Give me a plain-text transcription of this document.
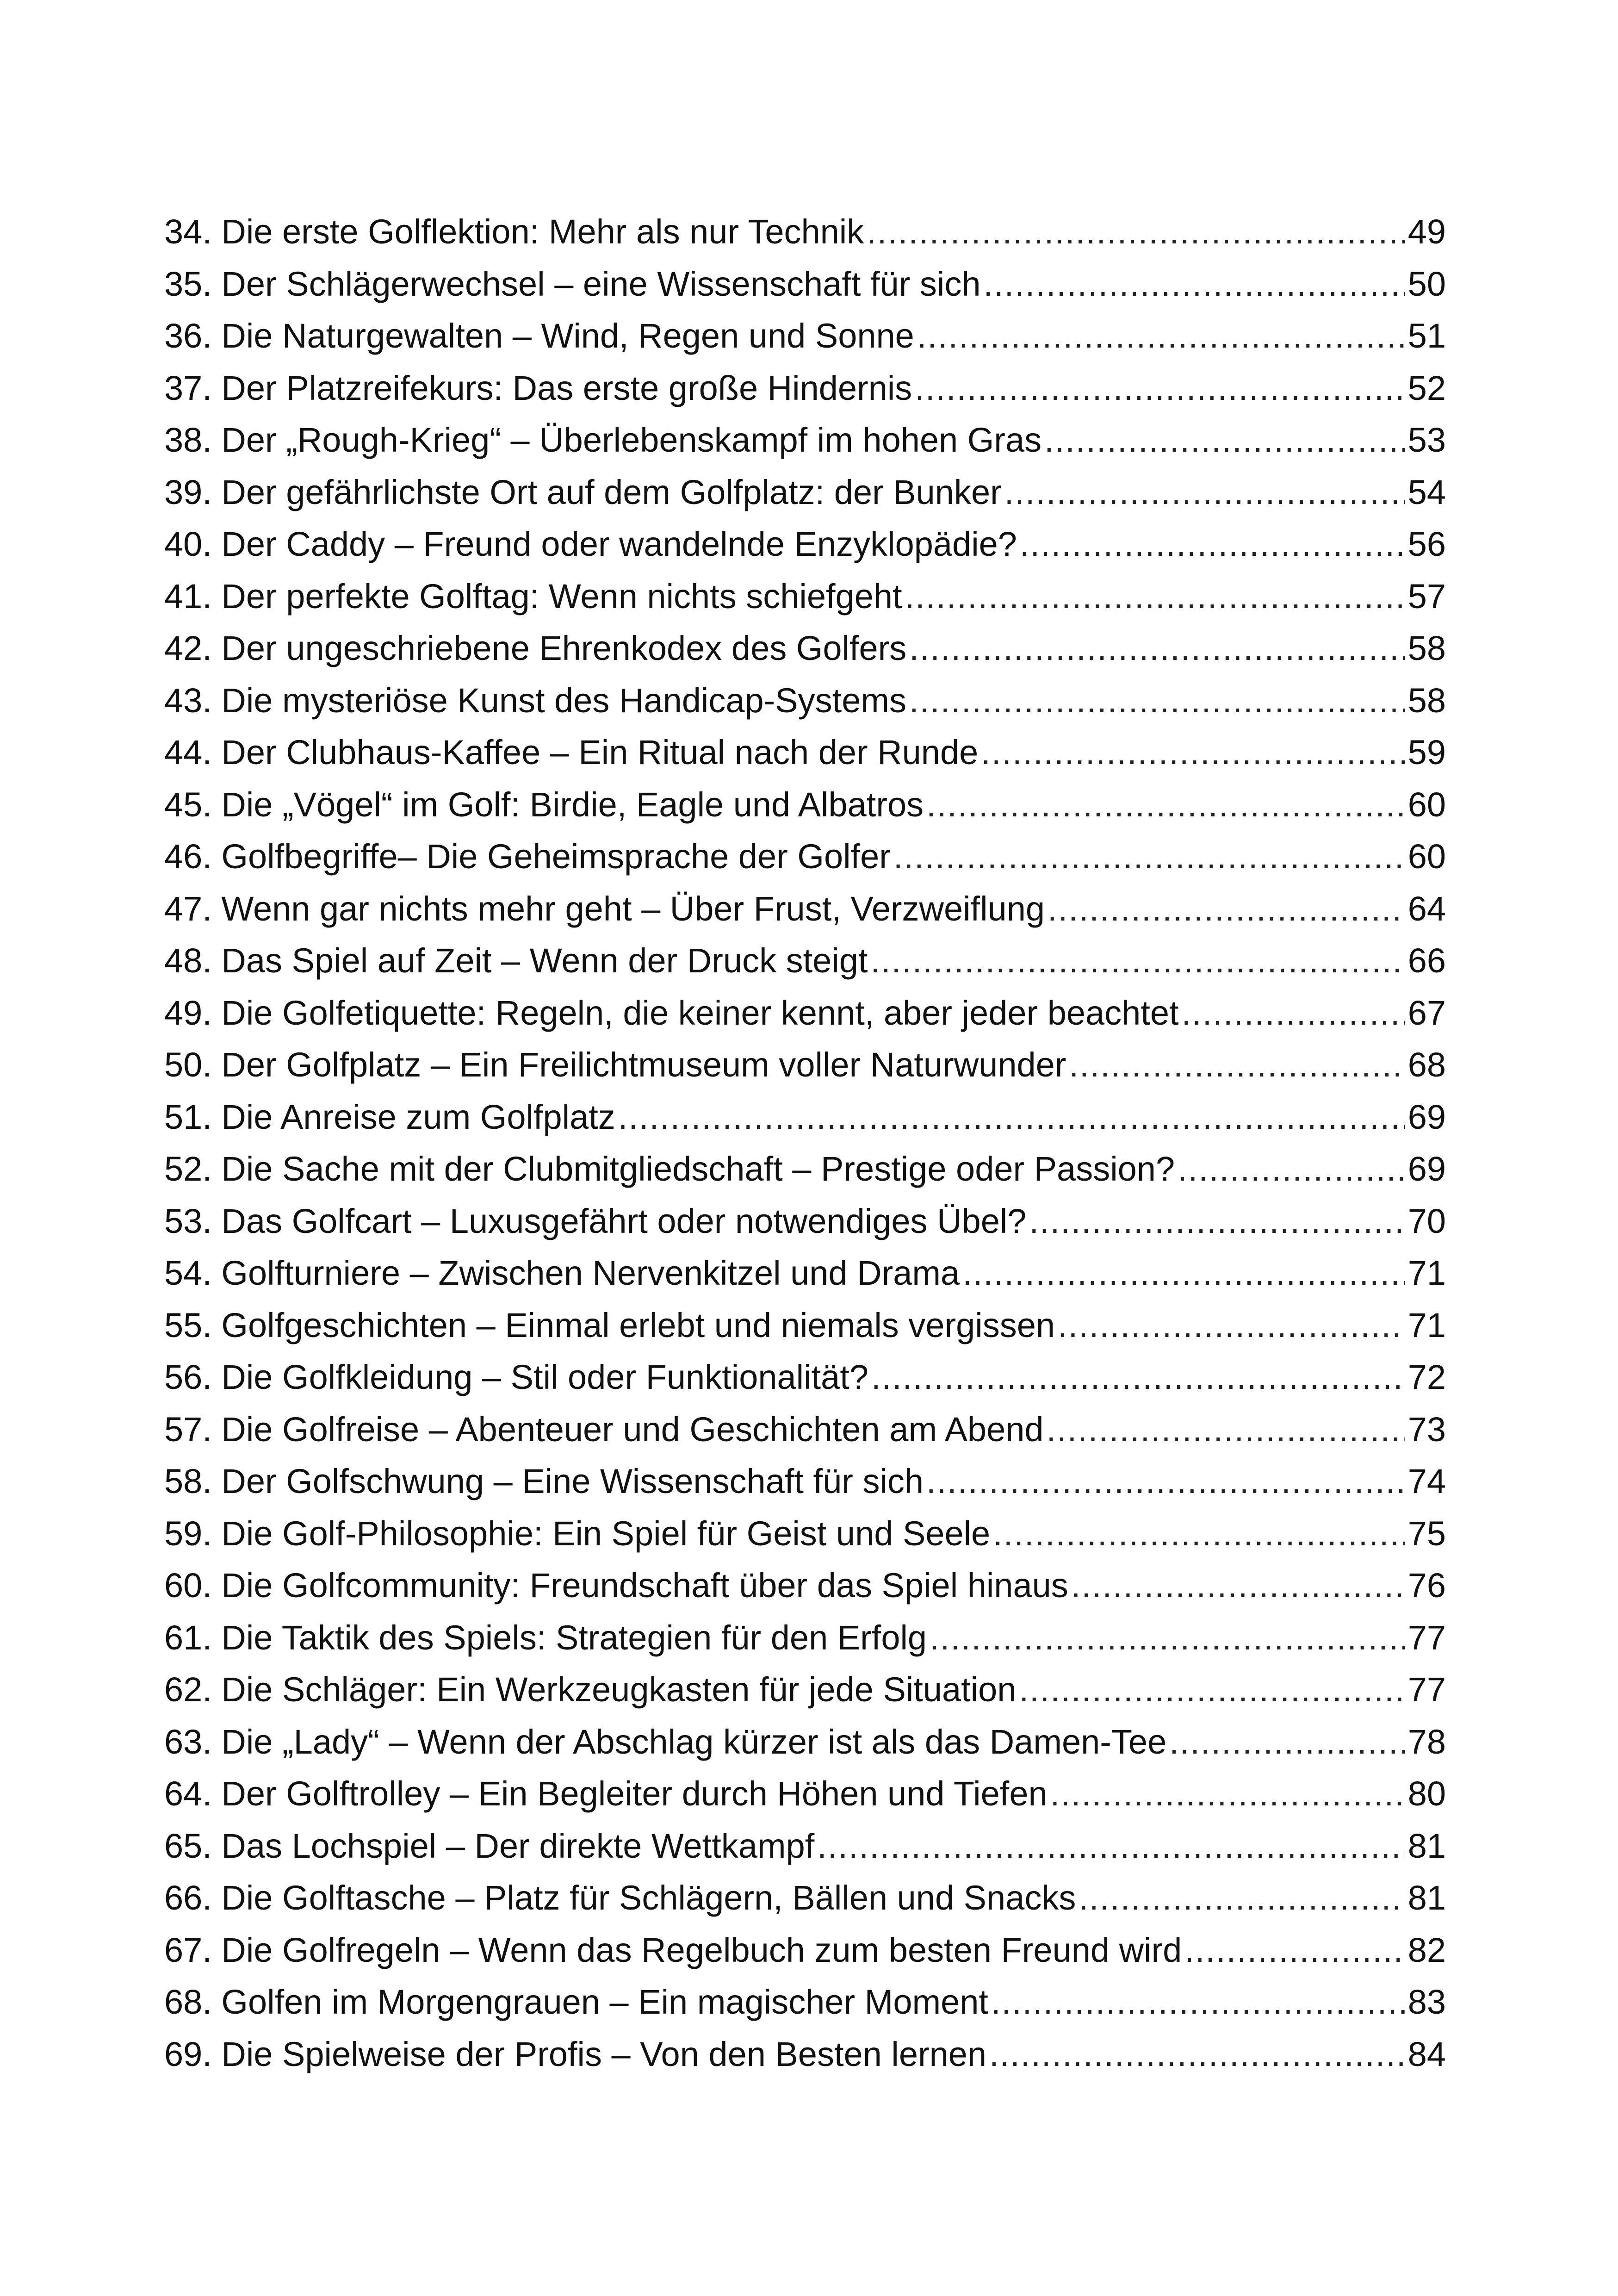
34. Die erste Golflektion: Mehr als nur Technik .....	49
35. Der Schlägerwechsel – eine Wissenschaft für sich .....	50
36. Die Naturgewalten – Wind, Regen und Sonne .....	51
37. Der Platzreifekurs: Das erste große Hindernis .....	52
38. Der „Rough-Krieg“ – Überlebenskampf im hohen Gras .....	53
39. Der gefährlichste Ort auf dem Golfplatz: der Bunker .....	54
40. Der Caddy – Freund oder wandelnde Enzyklopädie? .....	56
41. Der perfekte Golftag: Wenn nichts schiefgeht .....	57
42. Der ungeschriebene Ehrenkodex des Golfers .....	58
43. Die mysteriöse Kunst des Handicap-Systems .....	58
44. Der Clubhaus-Kaffee – Ein Ritual nach der Runde .....	59
45. Die „Vögel“ im Golf: Birdie, Eagle und Albatros .....	60
46. Golfbegriffe– Die Geheimsprache der Golfer .....	60
47. Wenn gar nichts mehr geht – Über Frust, Verzweiflung .....	64
48. Das Spiel auf Zeit – Wenn der Druck steigt .....	66
49. Die Golfetiquette: Regeln, die keiner kennt, aber jeder beachtet .....	67
50. Der Golfplatz – Ein Freilichtmuseum voller Naturwunder .....	68
51. Die Anreise zum Golfplatz .....	69
52. Die Sache mit der Clubmitgliedschaft – Prestige oder Passion? .....	69
53. Das Golfcart – Luxusgefährt oder notwendiges Übel? .....	70
54. Golfturniere – Zwischen Nervenkitzel und Drama .....	71
55. Golfgeschichten – Einmal erlebt und niemals vergissen .....	71
56. Die Golfkleidung – Stil oder Funktionalität? .....	72
57. Die Golfreise – Abenteuer und Geschichten am Abend .....	73
58. Der Golfschwung – Eine Wissenschaft für sich .....	74
59. Die Golf-Philosophie: Ein Spiel für Geist und Seele .....	75
60. Die Golfcommunity: Freundschaft über das Spiel hinaus .....	76
61. Die Taktik des Spiels: Strategien für den Erfolg .....	77
62. Die Schläger: Ein Werkzeugkasten für jede Situation .....	77
63. Die „Lady“ – Wenn der Abschlag kürzer ist als das Damen-Tee .....	78
64. Der Golftrolley – Ein Begleiter durch Höhen und Tiefen .....	80
65. Das Lochspiel – Der direkte Wettkampf .....	81
66. Die Golftasche – Platz für Schlägern, Bällen und Snacks .....	81
67. Die Golfregeln – Wenn das Regelbuch zum besten Freund wird .....	82
68. Golfen im Morgengrauen – Ein magischer Moment .....	83
69. Die Spielweise der Profis – Von den Besten lernen .....	84
